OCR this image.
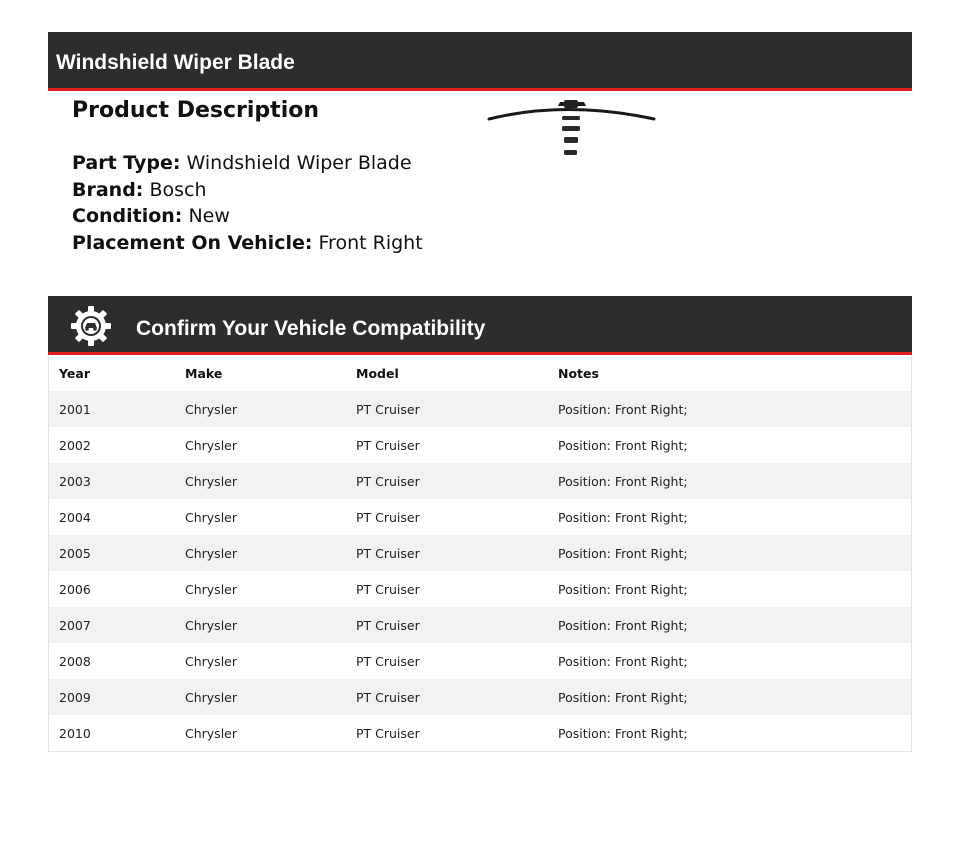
Windshield Wiper Blade
Product Description
Part Type: Windshield Wiper Blade
Brand: Bosch
Condition: New
Placement On Vehicle: Front Right
Confirm Your Vehicle Compatibility
Year	Make	Model	Notes
2001	Chrysler	PT Cruiser	Position: Front Right;
2002	Chrysler	PT Cruiser	Position: Front Right;
2003	Chrysler	PT Cruiser	Position: Front Right;
2004	Chrysler	PT Cruiser	Position: Front Right;
2005	Chrysler	PT Cruiser	Position: Front Right;
2006	Chrysler	PT Cruiser	Position: Front Right;
2007	Chrysler	PT Cruiser	Position: Front Right;
2008	Chrysler	PT Cruiser	Position: Front Right;
2009	Chrysler	PT Cruiser	Position: Front Right;
2010	Chrysler	PT Cruiser	Position: Front Right;
